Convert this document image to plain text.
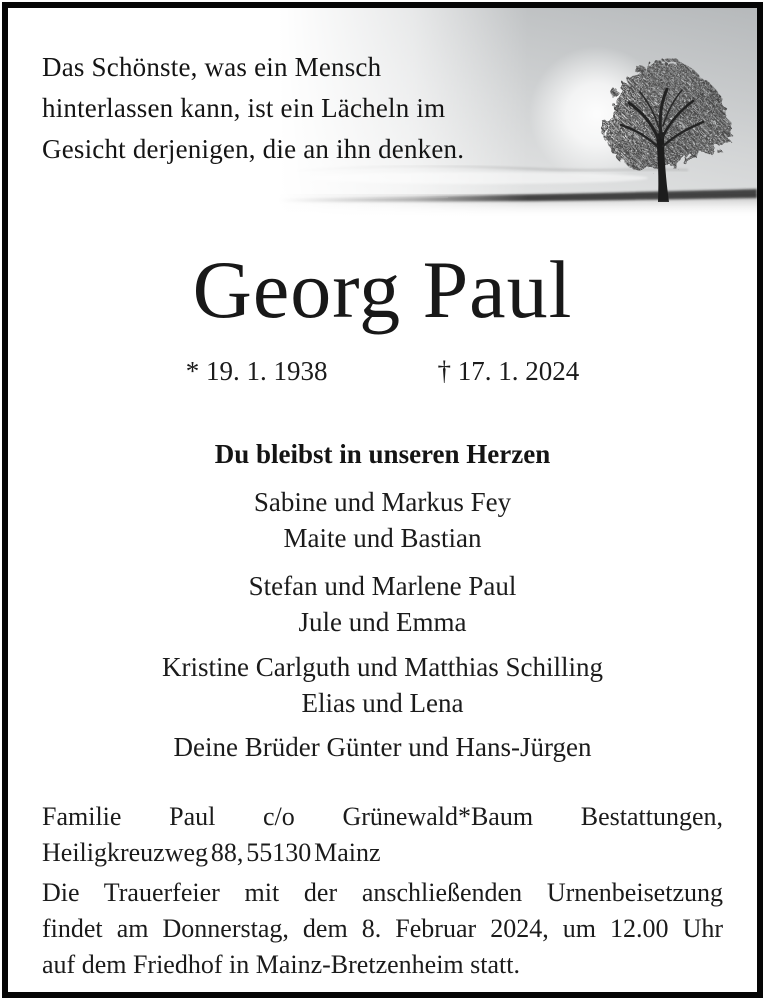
Das Schönste, was ein Mensch
hinterlassen kann, ist ein Lächeln im
Gesicht derjenigen, die an ihn denken.
Georg Paul
* 19. 1. 1938	† 17. 1. 2024
Du bleibst in unseren Herzen
Sabine und Markus Fey
Maite und Bastian
Stefan und Marlene Paul
Jule und Emma
Kristine Carlguth und Matthias Schilling
Elias und Lena
Deine Brüder Günter und Hans-Jürgen
Familie Paul c/o Grünewald*Baum Bestattungen,
Heiligkreuzweg 88, 55130 Mainz
Die Trauerfeier mit der anschließenden Urnenbeisetzung
findet am Donnerstag, dem 8. Februar 2024, um 12.00 Uhr
auf dem Friedhof in Mainz-Bretzenheim statt.
